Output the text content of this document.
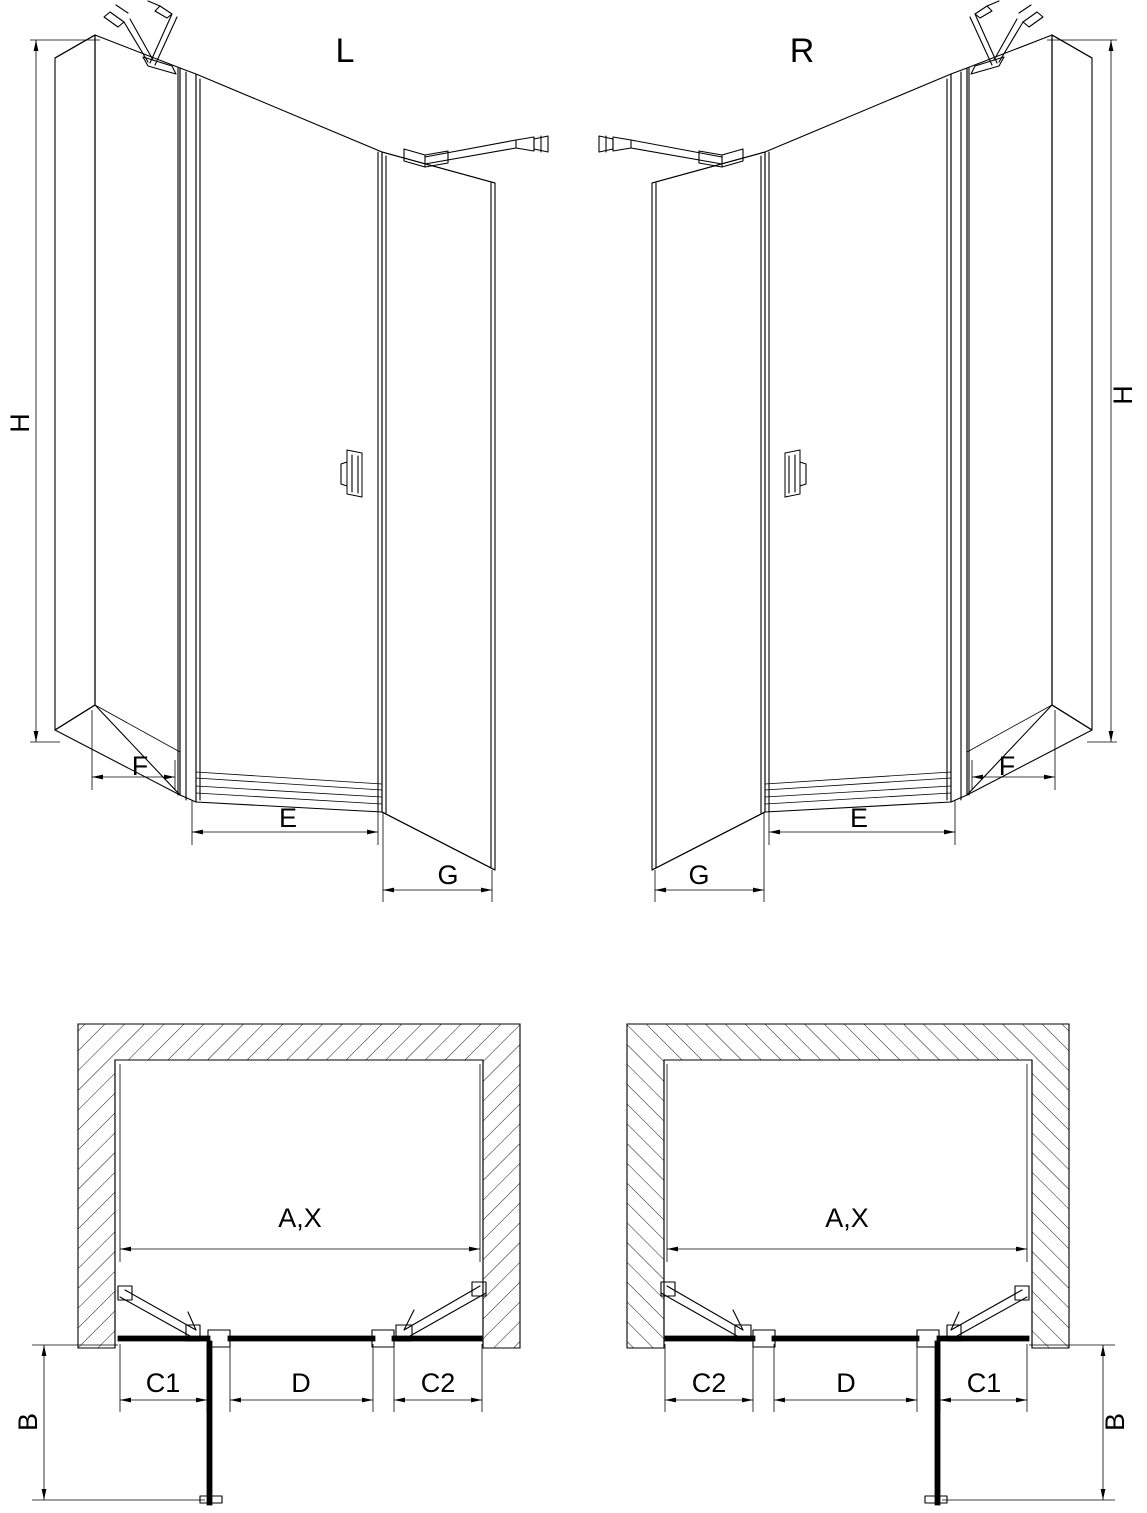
L
H
F
E
G
R
H
F
E
G
A,X
C1	D	C2
B
A,X
C1
D
C2
B
